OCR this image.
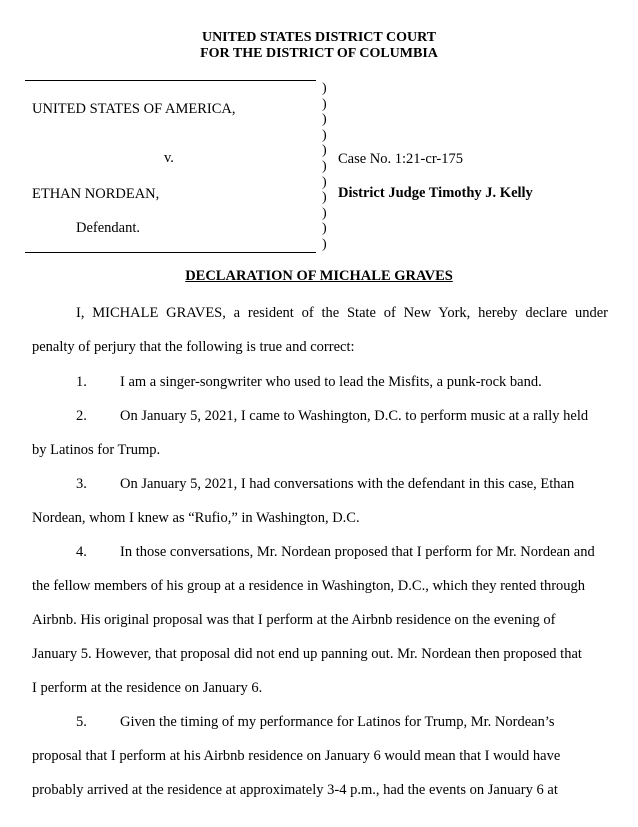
UNITED STATES DISTRICT COURT
FOR THE DISTRICT OF COLUMBIA
UNITED STATES OF AMERICA,
v.
ETHAN NORDEAN,
Defendant.
)
)
)
)
)
)
)
)
)
)
)
Case No. 1:21-cr-175
District Judge Timothy J. Kelly
DECLARATION OF MICHALE GRAVES
I, MICHALE GRAVES, a resident of the State of New York, hereby declare under
penalty of perjury that the following is true and correct:
1. I am a singer-songwriter who used to lead the Misfits, a punk-rock band.
2. On January 5, 2021, I came to Washington, D.C. to perform music at a rally held
by Latinos for Trump.
3. On January 5, 2021, I had conversations with the defendant in this case, Ethan
Nordean, whom I knew as “Rufio,” in Washington, D.C.
4. In those conversations, Mr. Nordean proposed that I perform for Mr. Nordean and
the fellow members of his group at a residence in Washington, D.C., which they rented through
Airbnb. His original proposal was that I perform at the Airbnb residence on the evening of
January 5. However, that proposal did not end up panning out. Mr. Nordean then proposed that
I perform at the residence on January 6.
5. Given the timing of my performance for Latinos for Trump, Mr. Nordean’s
proposal that I perform at his Airbnb residence on January 6 would mean that I would have
probably arrived at the residence at approximately 3-4 p.m., had the events on January 6 at
